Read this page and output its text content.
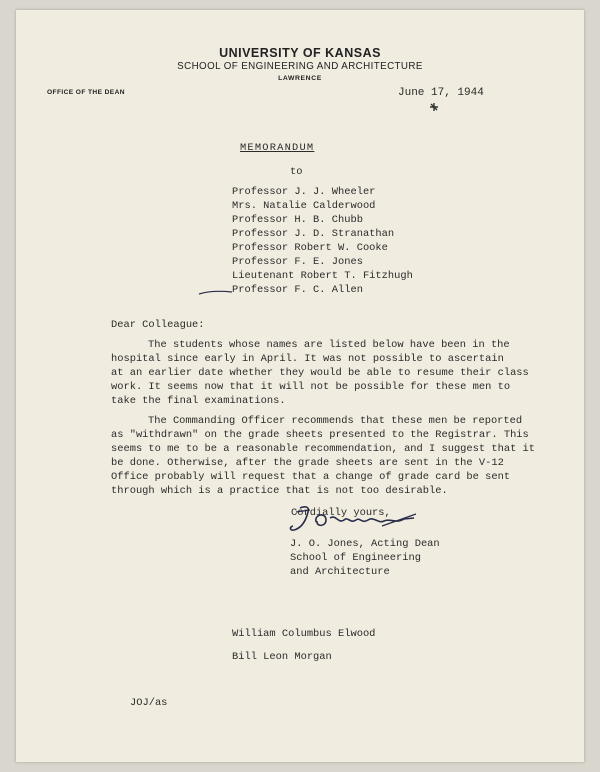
UNIVERSITY OF KANSAS
SCHOOL OF ENGINEERING AND ARCHITECTURE
LAWRENCE
OFFICE OF THE DEAN	June 17, 1944
MEMORANDUM
to
Professor J. J. Wheeler
Mrs. Natalie Calderwood
Professor H. B. Chubb
Professor J. D. Stranathan
Professor Robert W. Cooke
Professor F. E. Jones
Lieutenant Robert T. Fitzhugh
Professor F. C. Allen
Dear Colleague:
The students whose names are listed below have been in the
hospital since early in April. It was not possible to ascertain
at an earlier date whether they would be able to resume their class
work. It seems now that it will not be possible for these men to
take the final examinations.
The Commanding Officer recommends that these men be reported
as "withdrawn" on the grade sheets presented to the Registrar. This
seems to me to be a reasonable recommendation, and I suggest that it
be done. Otherwise, after the grade sheets are sent in the V-12
Office probably will request that a change of grade card be sent
through which is a practice that is not too desirable.
Cordially yours,
J. O. Jones, Acting Dean
School of Engineering
and Architecture
William Columbus Elwood
Bill Leon Morgan
JOJ/as
